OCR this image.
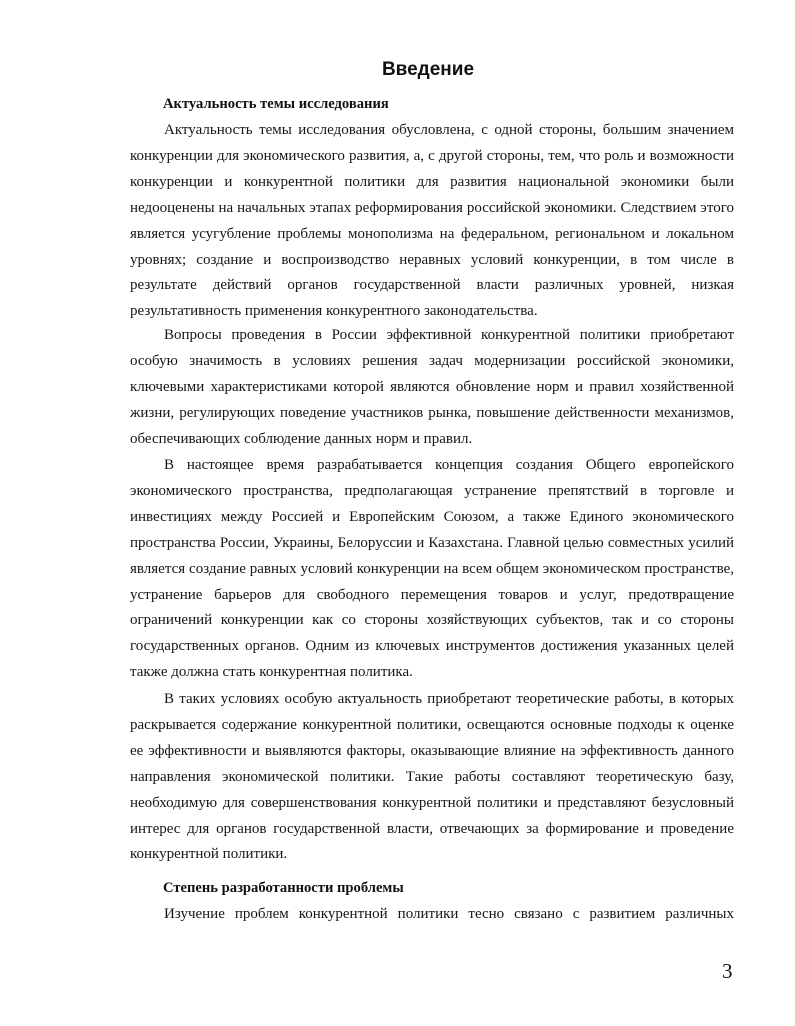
Введение
Актуальность темы исследования

Актуальность темы исследования обусловлена, с одной стороны, большим значением конкуренции для экономического развития, а, с другой стороны, тем, что роль и возможности конкуренции и конкурентной политики для развития национальной экономики были недооценены на начальных этапах реформирования российской экономики. Следствием этого является усугубление проблемы монополизма на федеральном, региональном и локальном уровнях; создание и воспроизводство неравных условий конкуренции, в том числе в результате действий органов государственной власти различных уровней, низкая результативность применения конкурентного законодательства.

Вопросы проведения в России эффективной конкурентной политики приобретают особую значимость в условиях решения задач модернизации российской экономики, ключевыми характеристиками которой являются обновление норм и правил хозяйственной жизни, регулирующих поведение участников рынка, повышение действенности механизмов, обеспечивающих соблюдение данных норм и правил.

В настоящее время разрабатывается концепция создания Общего европейского экономического пространства, предполагающая устранение препятствий в торговле и инвестициях между Россией и Европейским Союзом, а также Единого экономического пространства России, Украины, Белоруссии и Казахстана. Главной целью совместных усилий является создание равных условий конкуренции на всем общем экономическом пространстве, устранение барьеров для свободного перемещения товаров и услуг, предотвращение ограничений конкуренции как со стороны хозяйствующих субъектов, так и со стороны государственных органов. Одним из ключевых инструментов достижения указанных целей также должна стать конкурентная политика.

В таких условиях особую актуальность приобретают теоретические работы, в которых раскрывается содержание конкурентной политики, освещаются основные подходы к оценке ее эффективности и выявляются факторы, оказывающие влияние на эффективность данного направления экономической политики. Такие работы составляют теоретическую базу, необходимую для совершенствования конкурентной политики и представляют безусловный интерес для органов государственной власти, отвечающих за формирование и проведение конкурентной политики.

Степень разработанности проблемы

Изучение проблем конкурентной политики тесно связано с развитием различных

3
